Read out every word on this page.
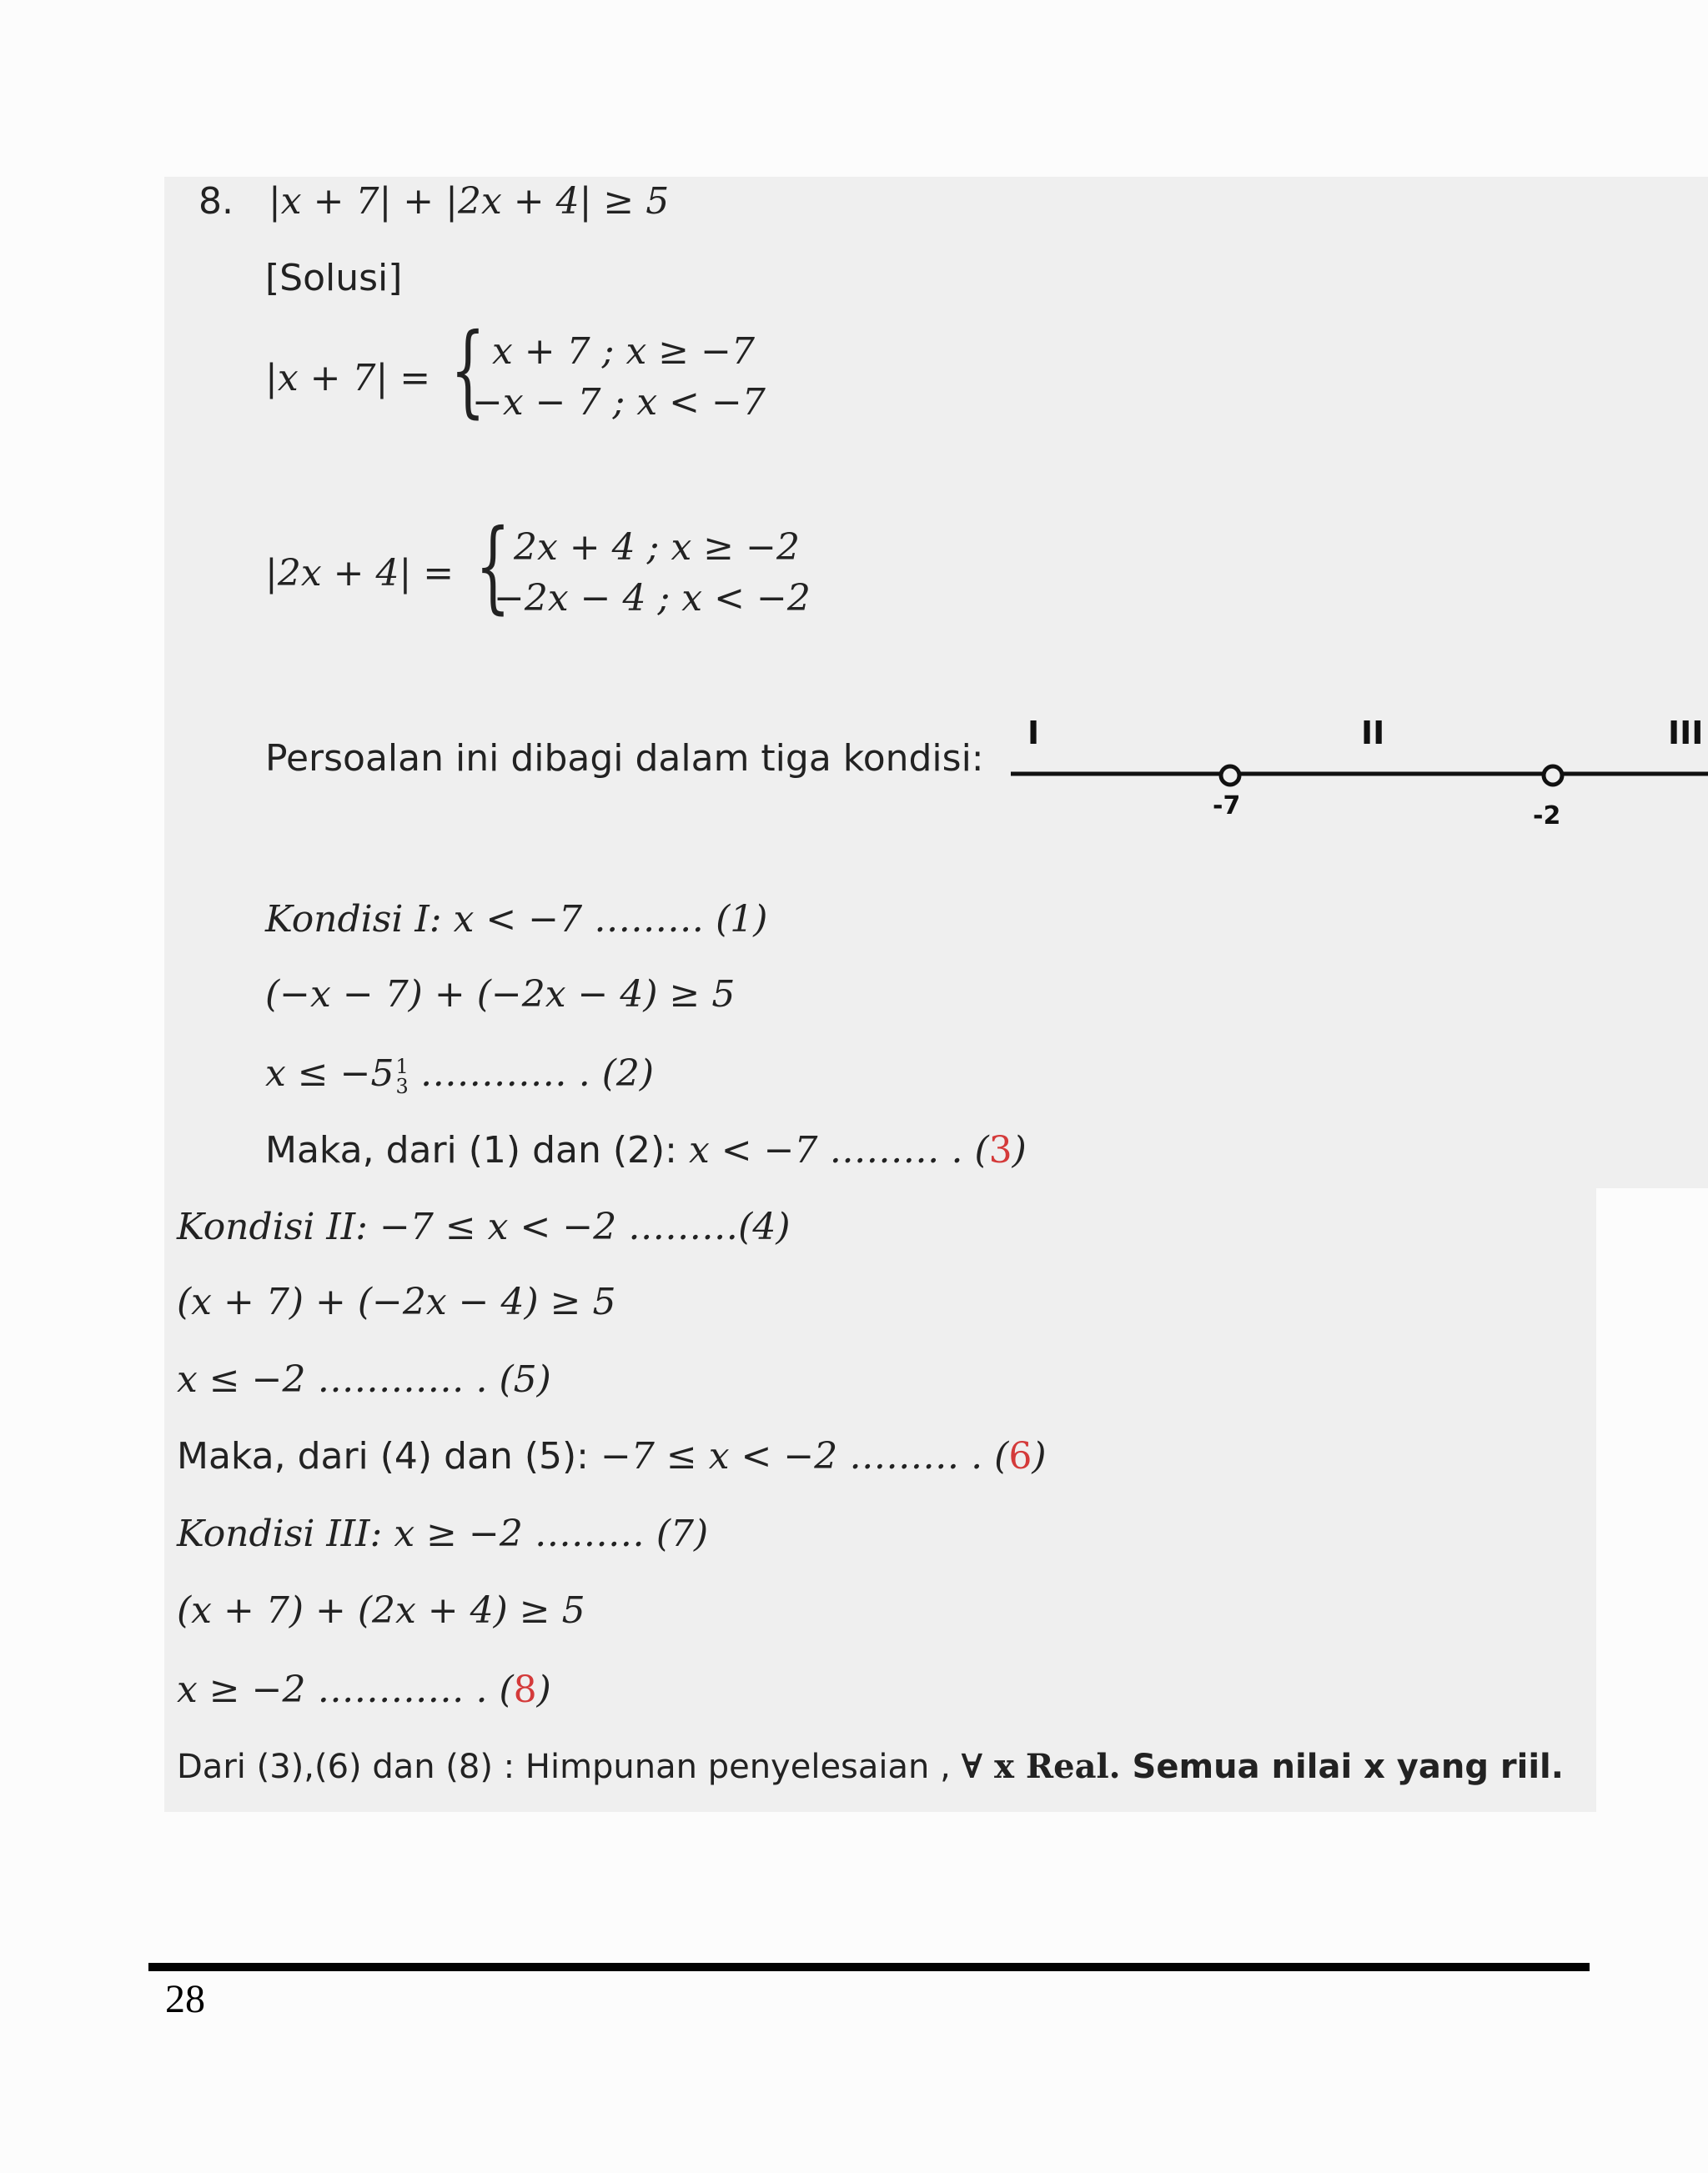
8. |x + 7| + |2x + 4| ≥ 5
[Solusi]
|x + 7| = { x + 7 ; x ≥ −7
−x − 7 ; x < −7
|2x + 4| = { 2x + 4 ; x ≥ −2
−2x − 4 ; x < −2
Persoalan ini dibagi dalam tiga kondisi:
I	II	III
-7	-2
Kondisi I: x < −7 ……… (1)
(−x − 7) + (−2x − 4) ≥ 5
x ≤ −5 1
3 ………… . (2)
Maka, dari (1) dan (2): x < −7 ……… . (3)
Kondisi II: −7 ≤ x < −2 ………(4)
(x + 7) + (−2x − 4) ≥ 5
x ≤ −2 ………… . (5)
Maka, dari (4) dan (5): −7 ≤ x < −2 ……… . (6)
Kondisi III: x ≥ −2 ……… (7)
(x + 7) + (2x + 4) ≥ 5
x ≥ −2 ………… . (8)
Dari (3),(6) dan (8) : Himpunan penyelesaian , ∀ x Real. Semua nilai x yang riil.
28
